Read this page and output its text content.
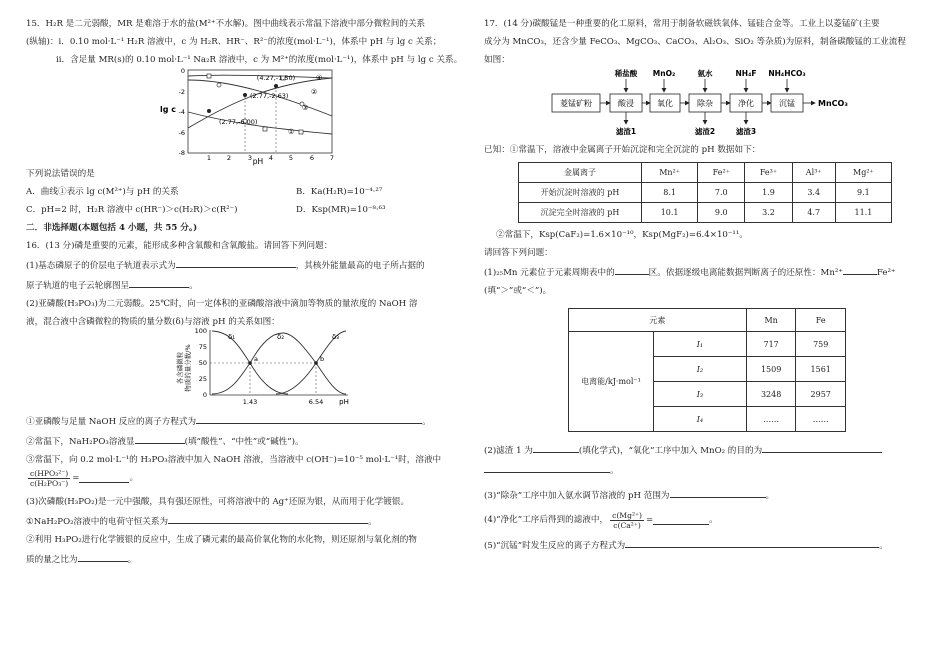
15．H₂R 是二元弱酸，MR 是难溶于水的盐(M²⁺不水解)。图中曲线表示常温下溶液中部分微粒间的关系
(纵轴)：i．0.10 mol·L⁻¹ H₂R 溶液中，c 为 H₂R、HR⁻、R²⁻的浓度(mol·L⁻¹)，体系中 pH 与 lg c 关系；
ii．含足量 MR(s)的 0.10 mol·L⁻¹ Na₂R 溶液中，c 为 M²⁺的浓度(mol·L⁻¹)，体系中 pH 与 lg c 关系。
lg c
pH
0
-2
-4
-6
-8
1 2	3	4 5	6 7
(4.27,-1.50)
(2.77,-2.63)
(2.77,-6.00)
④
③
②
①
下列说法错误的是
A．曲线①表示 lg c(M²⁺)与 pH 的关系	B．Ka(H₂R)=10⁻⁴·²⁷
C．pH=2 时，H₂R 溶液中 c(HR⁻)＞c(H₂R)＞c(R²⁻)	D．Ksp(MR)=10⁻⁸·⁶³
二．非选择题(本题包括 4 小题，共 55 分。)
16．(13 分)磷是重要的元素，能形成多种含氧酸和含氧酸盐。请回答下列问题：
(1)基态磷原子的价层电子轨道表示式为	，其核外能量最高的电子所占据的
原子轨道的电子云轮廓图呈	。
(2)亚磷酸(H₃PO₃)为二元弱酸。25℃时，向一定体积的亚磷酸溶液中滴加等物质的量浓度的 NaOH 溶
液，混合液中含磷微粒的物质的量分数(δ)与溶液 pH 的关系如图：
各含磷微粒 物质的量分数/%
100
75
50
25
0
a	b
δ₁	δ₂	δ₃
1.43	6.54 pH
①亚磷酸与足量 NaOH 反应的离子方程式为	。
②常温下，NaH₂PO₃溶液显	(填“酸性”、“中性”或“碱性”)。
③常温下，向 0.2 mol·L⁻¹的 H₃PO₃溶液中加入 NaOH 溶液，当溶液中 c(OH⁻)=10⁻⁵ mol·L⁻¹时，溶液中
$\frac{\text{c(HPO₃²⁻)}}{\text{c(H₂PO₃⁻)}}$ =	。
(3)次磷酸(H₃PO₂)是一元中强酸，具有强还原性，可将溶液中的 Ag⁺还原为银，从而用于化学镀银。
①NaH₂PO₂溶液中的电荷守恒关系为	。
②利用 H₃PO₂进行化学镀银的反应中，生成了磷元素的最高价氧化物的水化物，则还原剂与氧化剂的物
质的量之比为	。
17．(14 分)碳酸锰是一种重要的化工原料，常用于制备软磁铁氧体、锰硅合金等。工业上以菱锰矿(主要
成分为 MnCO₃，还含少量 FeCO₃、MgCO₃、CaCO₃、Al₂O₃、SiO₂ 等杂质)为原料，制备碳酸锰的工业流程
如图：
稀盐酸 MnO₂	氨水	NH₄F NH₄HCO₃
菱锰矿粉	酸浸	氧化	除杂	净化	沉锰	MnCO₃
滤渣1	滤渣2	滤渣3
已知：①常温下，溶液中金属离子开始沉淀和完全沉淀的 pH 数据如下：
金属离子	Mn²⁺	Fe²⁺	Fe³⁺	Al³⁺	Mg²⁺
开始沉淀时溶液的 pH	8.1	7.0	1.9	3.4	9.1
沉淀完全时溶液的 pH	10.1	9.0	3.2	4.7	11.1
②常温下，Ksp(CaF₂)=1.6×10⁻¹⁰，Ksp(MgF₂)=6.4×10⁻¹¹。
请回答下列问题：
(1)₂₅Mn 元素位于元素周期表中的	区。依据逐级电离能数据判断离子的还原性：Mn²⁺	Fe²⁺
(填“＞”或“＜”)。
元素		Mn	Fe
电离能/kJ·mol⁻¹	I₁	717	759
	I₂	1509	1561
	I₃	3248	2957
	I₄	……	……
(2)滤渣 1 为	(填化学式)，“氧化”工序中加入 MnO₂ 的目的为
。
(3)“除杂”工序中加入氨水调节溶液的 pH 范围为	。
(4)“净化”工序后得到的滤液中， $\frac{\text{c(Mg²⁺)}}{\text{c(Ca²⁺)}}$ =	。
(5)“沉锰”时发生反应的离子方程式为	。
